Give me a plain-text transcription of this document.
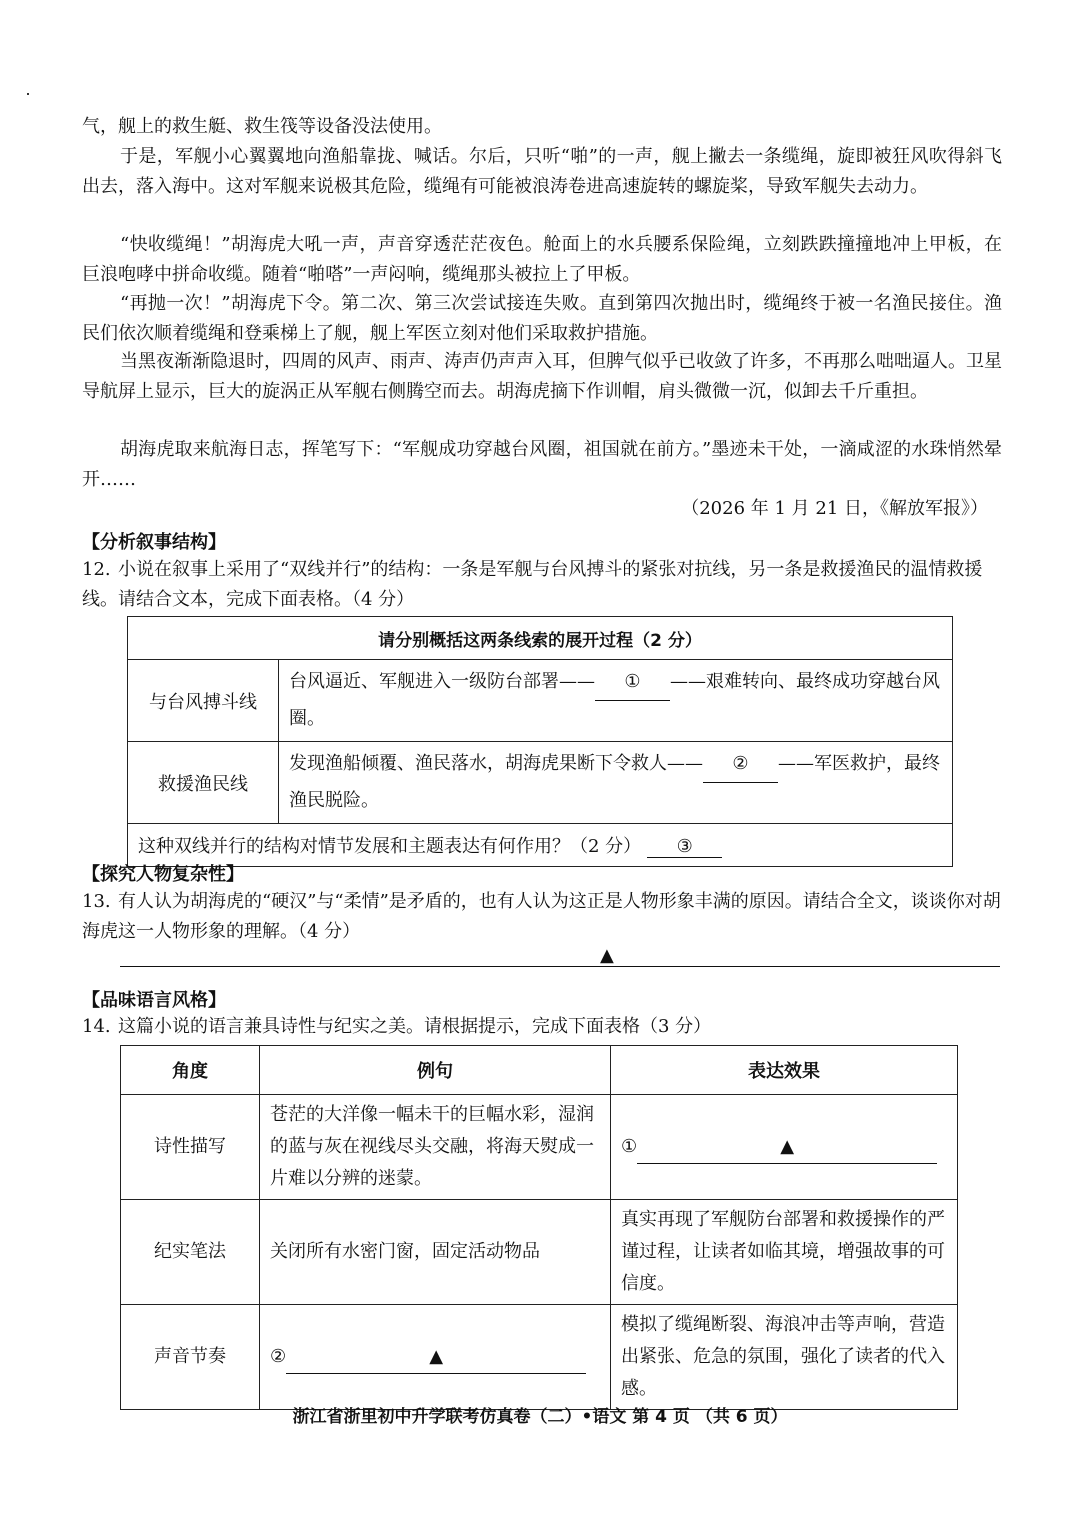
气，舰上的救生艇、救生筏等设备没法使用。
于是，军舰小心翼翼地向渔船靠拢、喊话。尔后，只听“啪”的一声，舰上撇去一条缆绳，旋即被狂风吹得斜飞出去，落入海中。这对军舰来说极其危险，缆绳有可能被浪涛卷进高速旋转的螺旋桨，导致军舰失去动力。
“快收缆绳！”胡海虎大吼一声，声音穿透茫茫夜色。舱面上的水兵腰系保险绳，立刻跌跌撞撞地冲上甲板，在巨浪咆哮中拼命收缆。随着“啪嗒”一声闷响，缆绳那头被拉上了甲板。
“再抛一次！”胡海虎下令。第二次、第三次尝试接连失败。直到第四次抛出时，缆绳终于被一名渔民接住。渔民们依次顺着缆绳和登乘梯上了舰，舰上军医立刻对他们采取救护措施。
当黑夜渐渐隐退时，四周的风声、雨声、涛声仍声声入耳，但脾气似乎已收敛了许多，不再那么咄咄逼人。卫星导航屏上显示，巨大的旋涡正从军舰右侧腾空而去。胡海虎摘下作训帽，肩头微微一沉，似卸去千斤重担。
胡海虎取来航海日志，挥笔写下：“军舰成功穿越台风圈，祖国就在前方。”墨迹未干处，一滴咸涩的水珠悄然晕开……
（2026 年 1 月 21 日，《解放军报》）
【分析叙事结构】
12. 小说在叙事上采用了“双线并行”的结构：一条是军舰与台风搏斗的紧张对抗线，另一条是救援渔民的温情救援线。请结合文本，完成下面表格。（4 分）
请分别概括这两条线索的展开过程（2 分）	
与台风搏斗线	台风逼近、军舰进入一级防台部署—— ① ——艰难转向、最终成功穿越台风圈。
救援渔民线	发现渔船倾覆、渔民落水，胡海虎果断下令救人—— ② ——军医救护，最终渔民脱险。
这种双线并行的结构对情节发展和主题表达有何作用？（2 分） ③	
【探究人物复杂性】
13. 有人认为胡海虎的“硬汉”与“柔情”是矛盾的，也有人认为这正是人物形象丰满的原因。请结合全文，谈谈你对胡海虎这一人物形象的理解。（4 分）
▲
【品味语言风格】
14. 这篇小说的语言兼具诗性与纪实之美。请根据提示，完成下面表格（3 分）
角度	例句	表达效果
诗性描写	苍茫的大洋像一幅未干的巨幅水彩，湿润的蓝与灰在视线尽头交融，将海天熨成一片难以分辨的迷蒙。	① ▲
纪实笔法	关闭所有水密门窗，固定活动物品	真实再现了军舰防台部署和救援操作的严谨过程，让读者如临其境，增强故事的可信度。
声音节奏	② ▲	模拟了缆绳断裂、海浪冲击等声响，营造出紧张、危急的氛围，强化了读者的代入感。
浙江省浙里初中升学联考仿真卷（二）•语文 第 4 页 （共 6 页）
